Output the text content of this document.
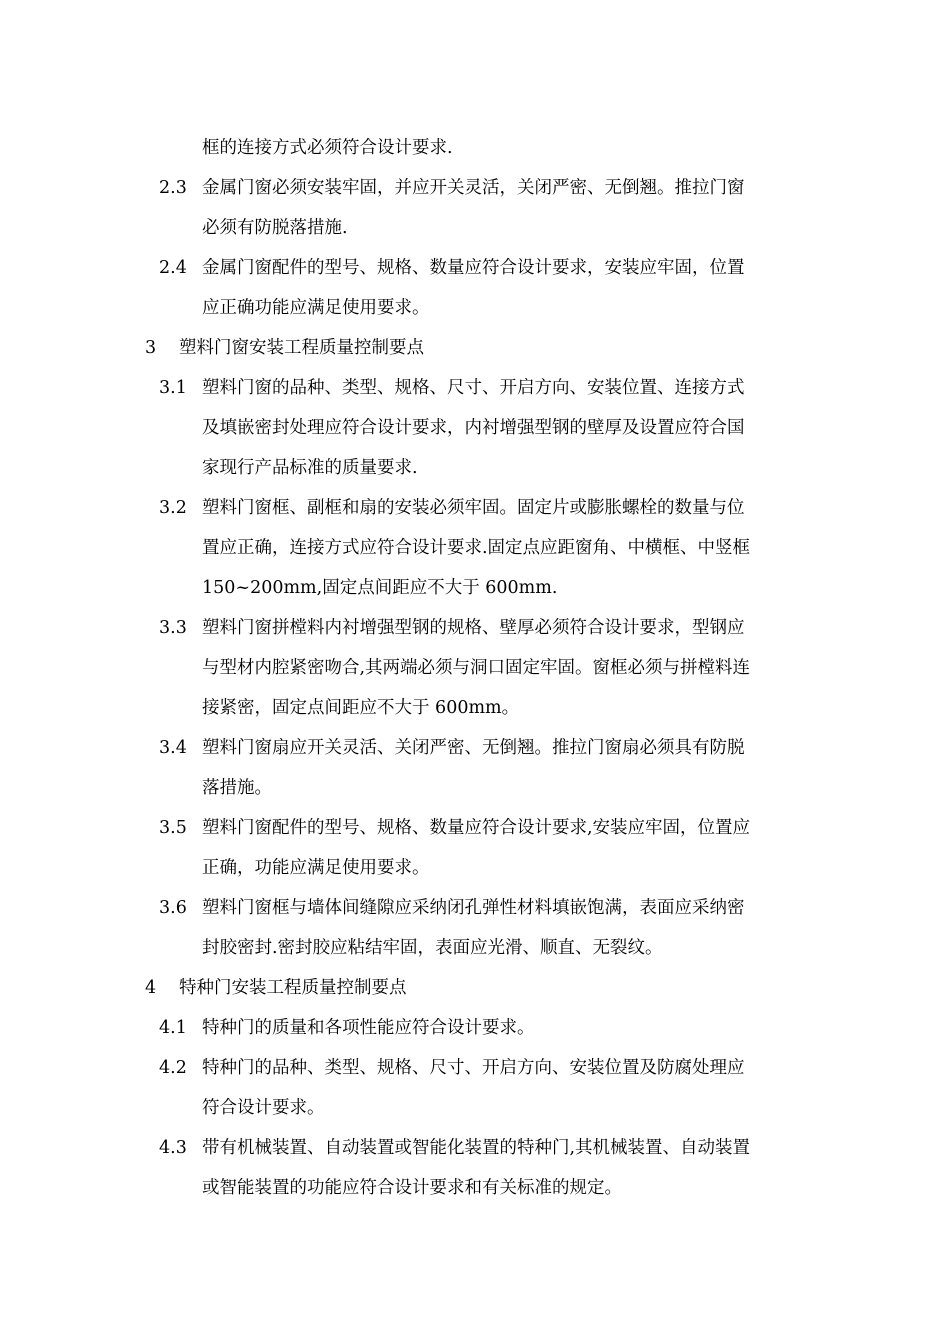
框的连接方式必须符合设计要求.
2.3 金属门窗必须安装牢固，并应开关灵活，关闭严密、无倒翘。推拉门窗
必须有防脱落措施.
2.4 金属门窗配件的型号、规格、数量应符合设计要求，安装应牢固，位置
应正确功能应满足使用要求。
3 塑料门窗安装工程质量控制要点
3.1 塑料门窗的品种、类型、规格、尺寸、开启方向、安装位置、连接方式
及填嵌密封处理应符合设计要求，内衬增强型钢的壁厚及设置应符合国
家现行产品标准的质量要求.
3.2 塑料门窗框、副框和扇的安装必须牢固。固定片或膨胀螺栓的数量与位
置应正确，连接方式应符合设计要求.固定点应距窗角、中横框、中竖框
150~200mm,固定点间距应不大于 600mm.
3.3 塑料门窗拼樘料内衬增强型钢的规格、壁厚必须符合设计要求，型钢应
与型材内腔紧密吻合,其两端必须与洞口固定牢固。窗框必须与拼樘料连
接紧密，固定点间距应不大于 600mm。
3.4 塑料门窗扇应开关灵活、关闭严密、无倒翘。推拉门窗扇必须具有防脱
落措施。
3.5 塑料门窗配件的型号、规格、数量应符合设计要求,安装应牢固，位置应
正确，功能应满足使用要求。
3.6 塑料门窗框与墙体间缝隙应采纳闭孔弹性材料填嵌饱满，表面应采纳密
封胶密封.密封胶应粘结牢固，表面应光滑、顺直、无裂纹。
4 特种门安装工程质量控制要点
4.1 特种门的质量和各项性能应符合设计要求。
4.2 特种门的品种、类型、规格、尺寸、开启方向、安装位置及防腐处理应
符合设计要求。
4.3 带有机械装置、自动装置或智能化装置的特种门,其机械装置、自动装置
或智能装置的功能应符合设计要求和有关标准的规定。
